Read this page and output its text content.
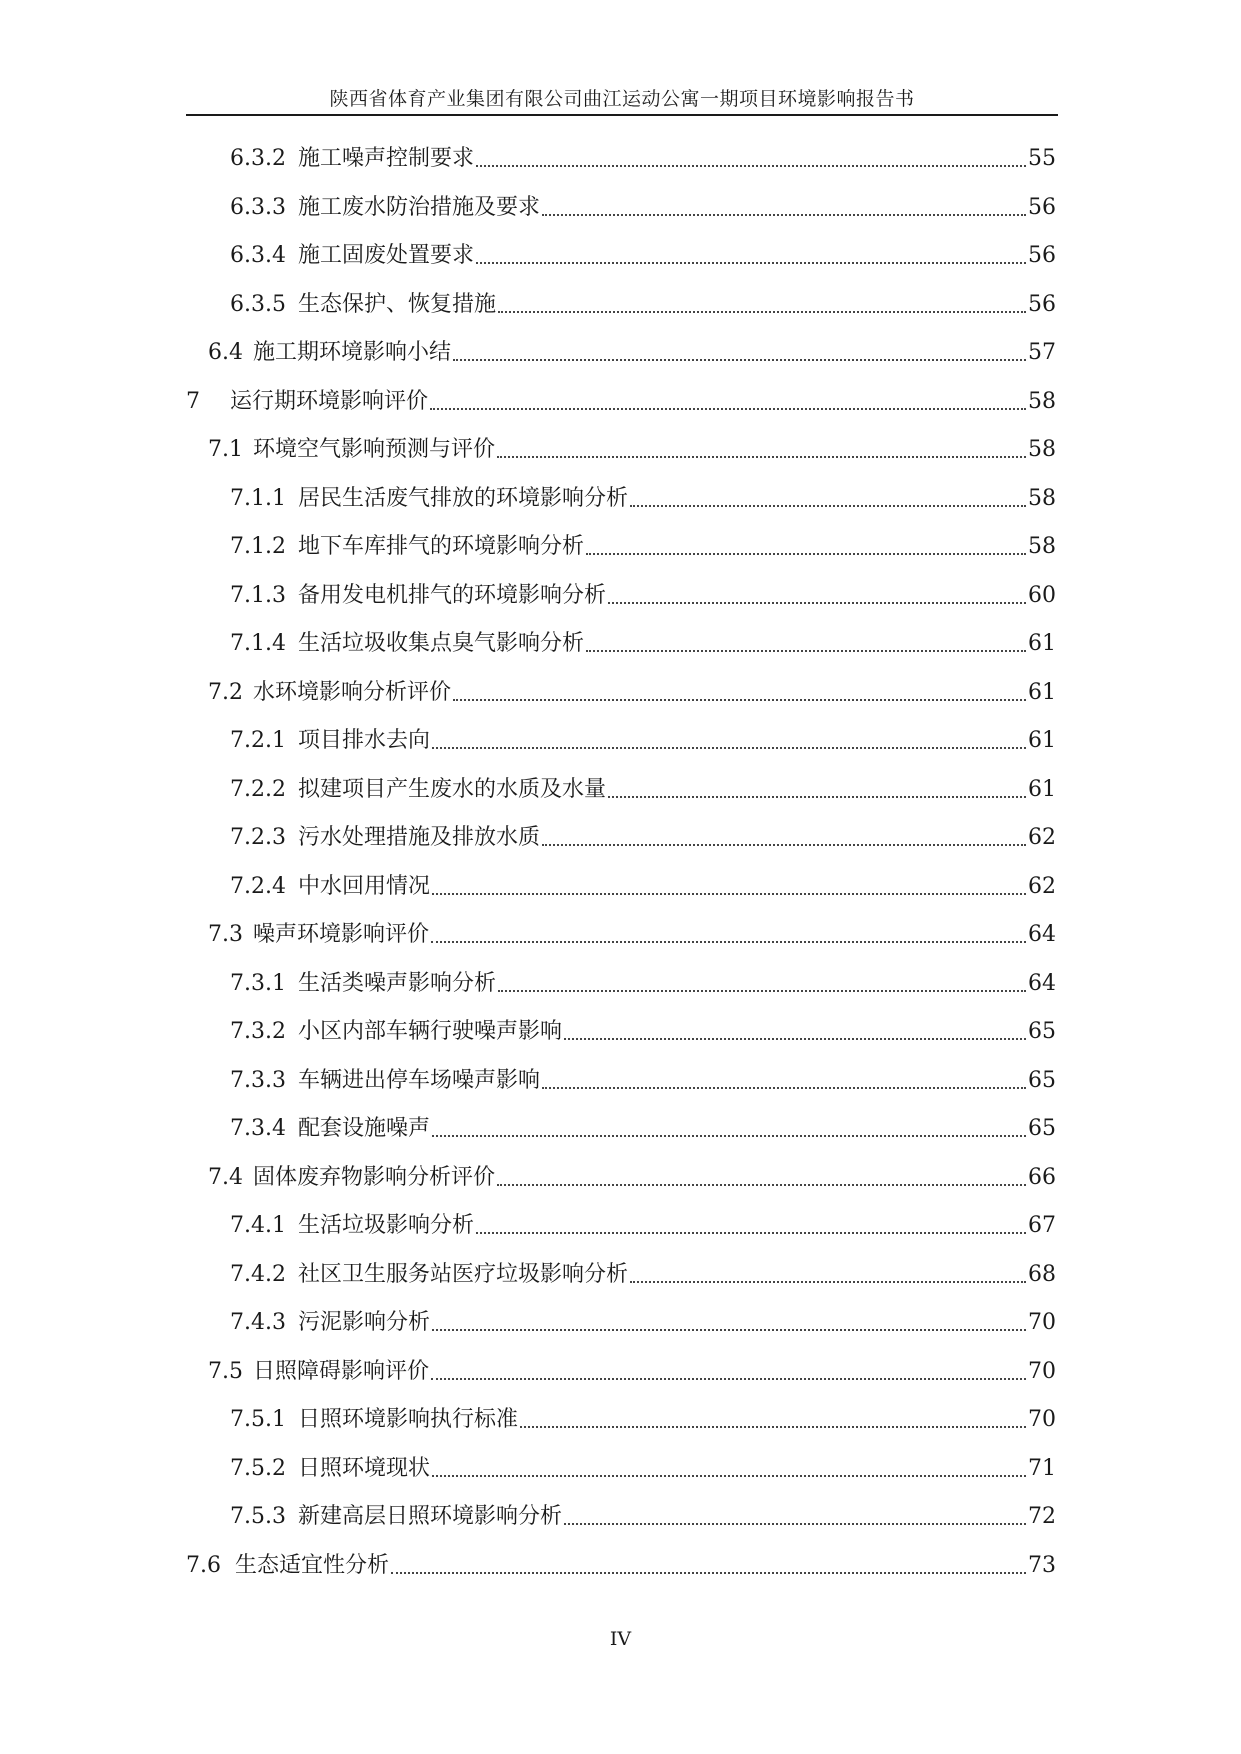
陕西省体育产业集团有限公司曲江运动公寓一期项目环境影响报告书
6.3.2 施工噪声控制要求	55
6.3.3 施工废水防治措施及要求	56
6.3.4 施工固废处置要求	56
6.3.5 生态保护、恢复措施	56
6.4 施工期环境影响小结	57
7 运行期环境影响评价	58
7.1 环境空气影响预测与评价	58
7.1.1 居民生活废气排放的环境影响分析	58
7.1.2 地下车库排气的环境影响分析	58
7.1.3 备用发电机排气的环境影响分析	60
7.1.4 生活垃圾收集点臭气影响分析	61
7.2 水环境影响分析评价	61
7.2.1 项目排水去向	61
7.2.2 拟建项目产生废水的水质及水量	61
7.2.3 污水处理措施及排放水质	62
7.2.4 中水回用情况	62
7.3 噪声环境影响评价	64
7.3.1 生活类噪声影响分析	64
7.3.2 小区内部车辆行驶噪声影响	65
7.3.3 车辆进出停车场噪声影响	65
7.3.4 配套设施噪声	65
7.4 固体废弃物影响分析评价	66
7.4.1 生活垃圾影响分析	67
7.4.2 社区卫生服务站医疗垃圾影响分析	68
7.4.3 污泥影响分析	70
7.5 日照障碍影响评价	70
7.5.1 日照环境影响执行标准	70
7.5.2 日照环境现状	71
7.5.3 新建高层日照环境影响分析	72
7.6 生态适宜性分析	73
IV
